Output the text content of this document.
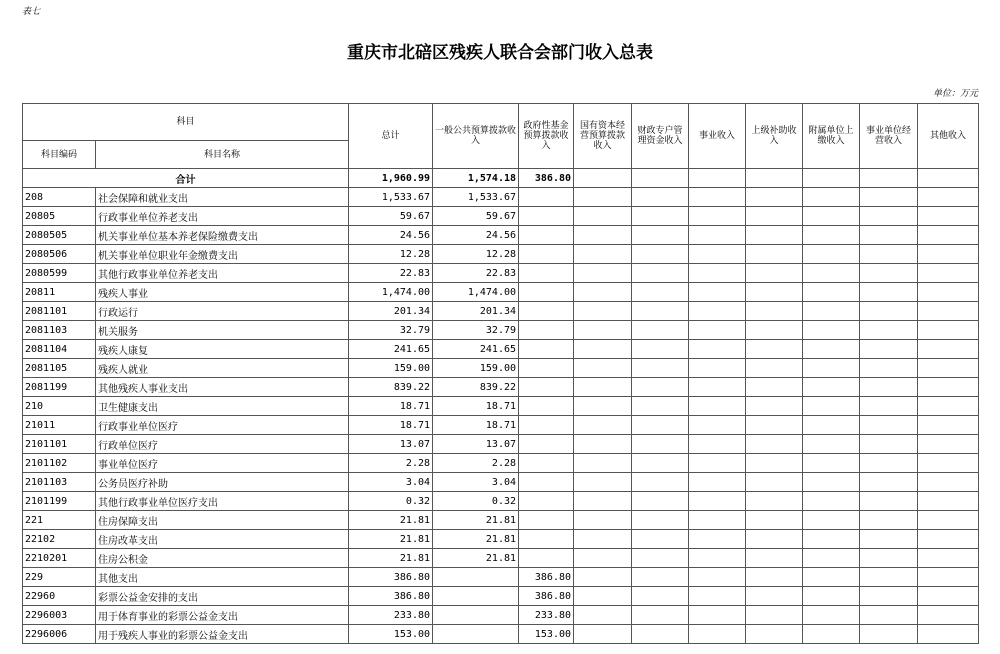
表七
重庆市北碚区残疾人联合会部门收入总表
单位：万元
科目		总计	一般公共预算拨款收入	政府性基金预算拨款收入	国有资本经营预算拨款收入	财政专户管理资金收入	事业收入	上级补助收入	附属单位上缴收入	事业单位经营收入	其他收入
科目编码	科目名称										
合计		1,960.99	1,574.18	386.80							
208	社会保障和就业支出	1,533.67	1,533.67								
20805	行政事业单位养老支出	59.67	59.67								
2080505	机关事业单位基本养老保险缴费支出	24.56	24.56								
2080506	机关事业单位职业年金缴费支出	12.28	12.28								
2080599	其他行政事业单位养老支出	22.83	22.83								
20811	残疾人事业	1,474.00	1,474.00								
2081101	行政运行	201.34	201.34								
2081103	机关服务	32.79	32.79								
2081104	残疾人康复	241.65	241.65								
2081105	残疾人就业	159.00	159.00								
2081199	其他残疾人事业支出	839.22	839.22								
210	卫生健康支出	18.71	18.71								
21011	行政事业单位医疗	18.71	18.71								
2101101	行政单位医疗	13.07	13.07								
2101102	事业单位医疗	2.28	2.28								
2101103	公务员医疗补助	3.04	3.04								
2101199	其他行政事业单位医疗支出	0.32	0.32								
221	住房保障支出	21.81	21.81								
22102	住房改革支出	21.81	21.81								
2210201	住房公积金	21.81	21.81								
229	其他支出	386.80		386.80							
22960	彩票公益金安排的支出	386.80		386.80							
2296003	用于体育事业的彩票公益金支出	233.80		233.80							
2296006	用于残疾人事业的彩票公益金支出	153.00		153.00							
